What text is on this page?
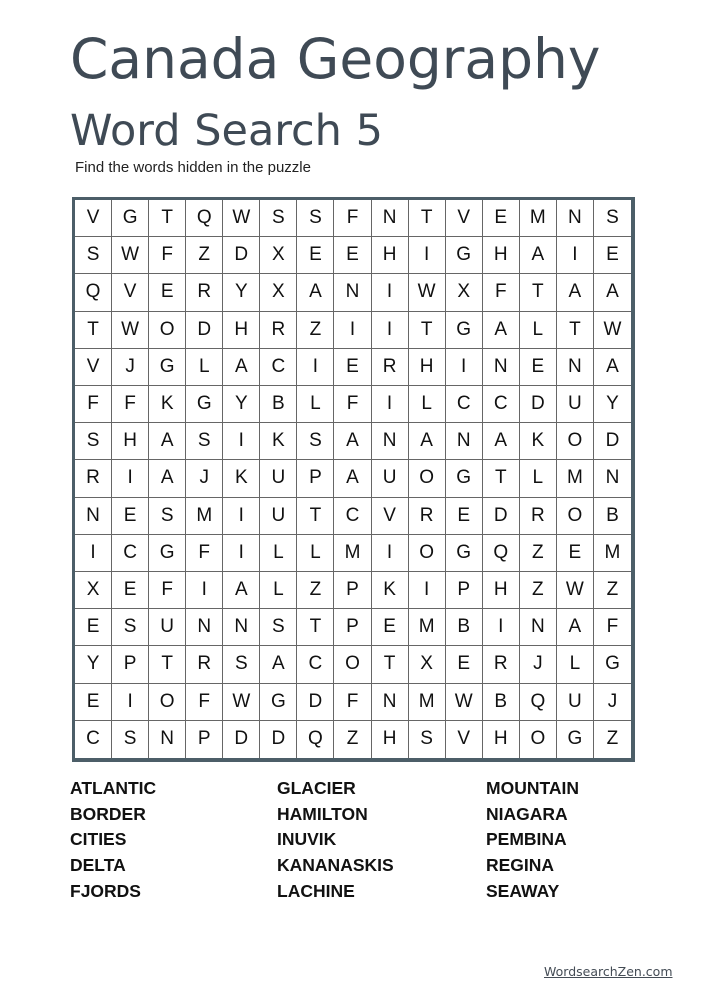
Canada Geography
Word Search 5
Find the words hidden in the puzzle
V	G	T	Q	W	S	S	F	N	T	V	E	M	N	S
S	W	F	Z	D	X	E	E	H	I	G	H	A	I	E
Q	V	E	R	Y	X	A	N	I	W	X	F	T	A	A
T	W	O	D	H	R	Z	I	I	T	G	A	L	T	W
V	J	G	L	A	C	I	E	R	H	I	N	E	N	A
F	F	K	G	Y	B	L	F	I	L	C	C	D	U	Y
S	H	A	S	I	K	S	A	N	A	N	A	K	O	D
R	I	A	J	K	U	P	A	U	O	G	T	L	M	N
N	E	S	M	I	U	T	C	V	R	E	D	R	O	B
I	C	G	F	I	L	L	M	I	O	G	Q	Z	E	M
X	E	F	I	A	L	Z	P	K	I	P	H	Z	W	Z
E	S	U	N	N	S	T	P	E	M	B	I	N	A	F
Y	P	T	R	S	A	C	O	T	X	E	R	J	L	G
E	I	O	F	W	G	D	F	N	M	W	B	Q	U	J
C	S	N	P	D	D	Q	Z	H	S	V	H	O	G	Z
ATLANTIC
BORDER
CITIES
DELTA
FJORDS
GLACIER
HAMILTON
INUVIK
KANANASKIS
LACHINE
MOUNTAIN
NIAGARA
PEMBINA
REGINA
SEAWAY
WordsearchZen.com
